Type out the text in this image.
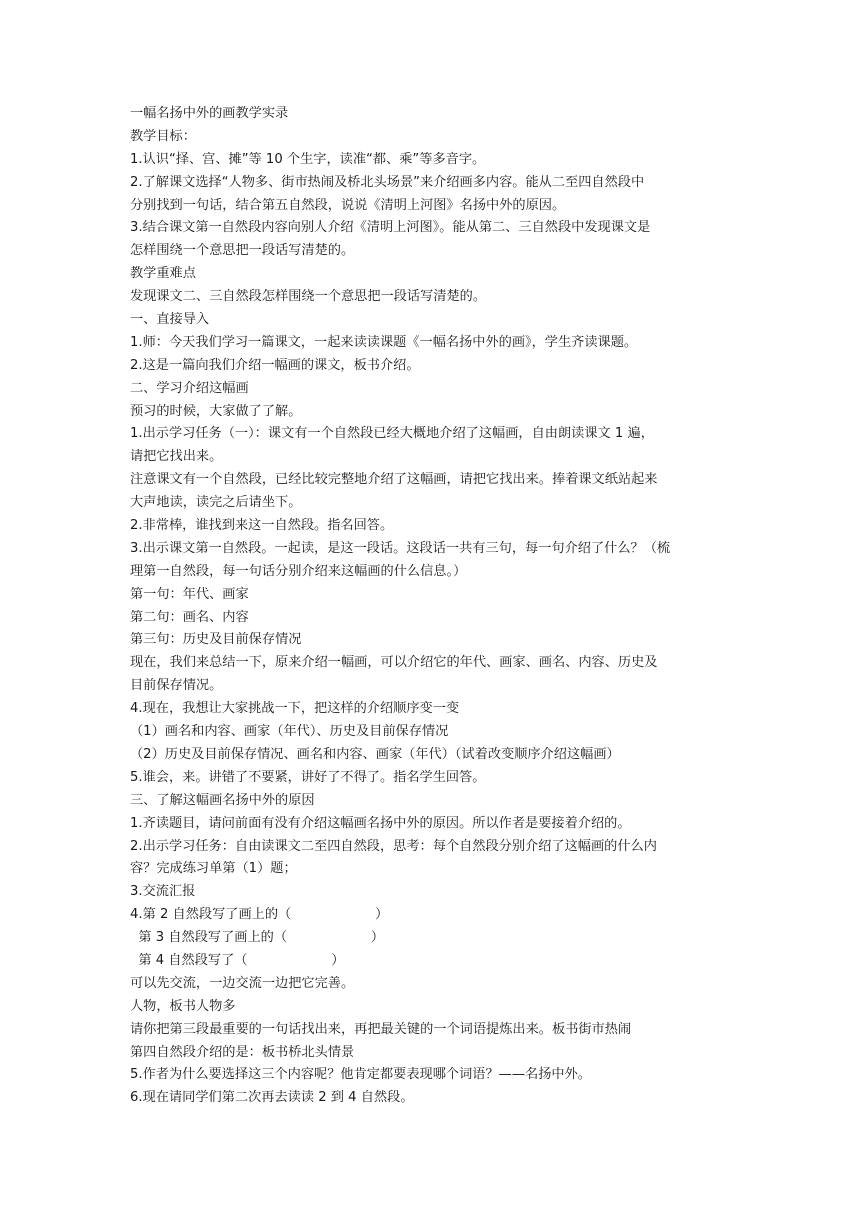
一幅名扬中外的画教学实录
教学目标：
1.认识“择、宫、摊”等 10 个生字，读准“都、乘”等多音字。
2.了解课文选择“人物多、街市热闹及桥北头场景”来介绍画多内容。能从二至四自然段中
分别找到一句话，结合第五自然段，说说《清明上河图》名扬中外的原因。
3.结合课文第一自然段内容向别人介绍《清明上河图》。能从第二、三自然段中发现课文是
怎样围绕一个意思把一段话写清楚的。
教学重难点
发现课文二、三自然段怎样围绕一个意思把一段话写清楚的。
一、直接导入
1.师：今天我们学习一篇课文，一起来读读课题《一幅名扬中外的画》，学生齐读课题。
2.这是一篇向我们介绍一幅画的课文，板书介绍。
二、学习介绍这幅画
预习的时候，大家做了了解。
1.出示学习任务（一）：课文有一个自然段已经大概地介绍了这幅画，自由朗读课文 1 遍，
请把它找出来。
注意课文有一个自然段，已经比较完整地介绍了这幅画，请把它找出来。捧着课文纸站起来
大声地读，读完之后请坐下。
2.非常棒，谁找到来这一自然段。指名回答。
3.出示课文第一自然段。一起读，是这一段话。这段话一共有三句，每一句介绍了什么？（梳
理第一自然段，每一句话分别介绍来这幅画的什么信息。）
第一句：年代、画家
第二句：画名、内容
第三句：历史及目前保存情况
现在，我们来总结一下，原来介绍一幅画，可以介绍它的年代、画家、画名、内容、历史及
目前保存情况。
4.现在，我想让大家挑战一下，把这样的介绍顺序变一变
（1）画名和内容、画家（年代）、历史及目前保存情况
（2）历史及目前保存情况、画名和内容、画家（年代）（试着改变顺序介绍这幅画）
5.谁会，来。讲错了不要紧，讲好了不得了。指名学生回答。
三、了解这幅画名扬中外的原因
1.齐读题目，请问前面有没有介绍这幅画名扬中外的原因。所以作者是要接着介绍的。
2.出示学习任务：自由读课文二至四自然段，思考：每个自然段分别介绍了这幅画的什么内
容？完成练习单第（1）题；
3.交流汇报
4.第 2 自然段写了画上的（                    ）
第 3 自然段写了画上的（                    ）
第 4 自然段写了（                    ）
可以先交流，一边交流一边把它完善。
人物，板书人物多
请你把第三段最重要的一句话找出来，再把最关键的一个词语提炼出来。板书街市热闹
第四自然段介绍的是：板书桥北头情景
5.作者为什么要选择这三个内容呢？他肯定都要表现哪个词语？——名扬中外。
6.现在请同学们第二次再去读读 2 到 4 自然段。
